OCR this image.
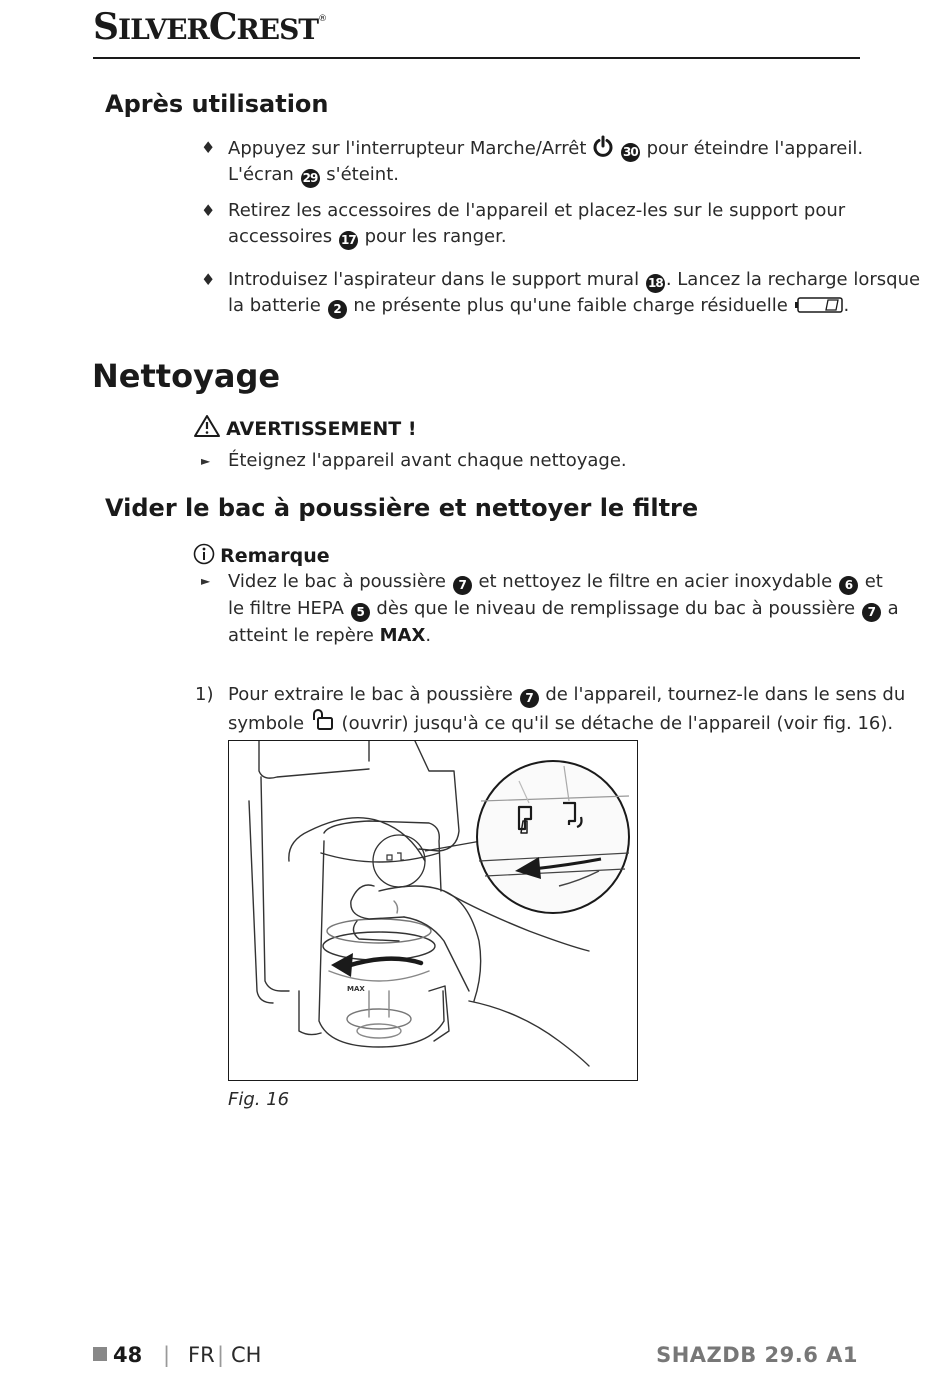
SILVERCREST®
Après utilisation
♦ Appuyez sur l'interrupteur Marche/Arrêt	30 pour éteindre l'appareil.
L'écran 29 s'éteint.
♦ Retirez les accessoires de l'appareil et placez-les sur le support pour
accessoires 17 pour les ranger.
♦ Introduisez l'aspirateur dans le support mural 18 . Lancez la recharge lorsque
la batterie 2 ne présente plus qu'une faible charge résiduelle	.
Nettoyage
AVERTISSEMENT !
► Éteignez l'appareil avant chaque nettoyage.
Vider le bac à poussière et nettoyer le filtre
Remarque
► Videz le bac à poussière 7 et nettoyez le filtre en acier inoxydable 6 et
le filtre HEPA 5 dès que le niveau de remplissage du bac à poussière 7 a
atteint le repère MAX.
1) Pour extraire le bac à poussière 7 de l'appareil, tournez-le dans le sens du
symbole (ouvrir) jusqu'à ce qu'il se détache de l'appareil (voir fig. 16).
MAX
Fig. 16
48 | FR | CH	SHAZDB 29.6 A1
